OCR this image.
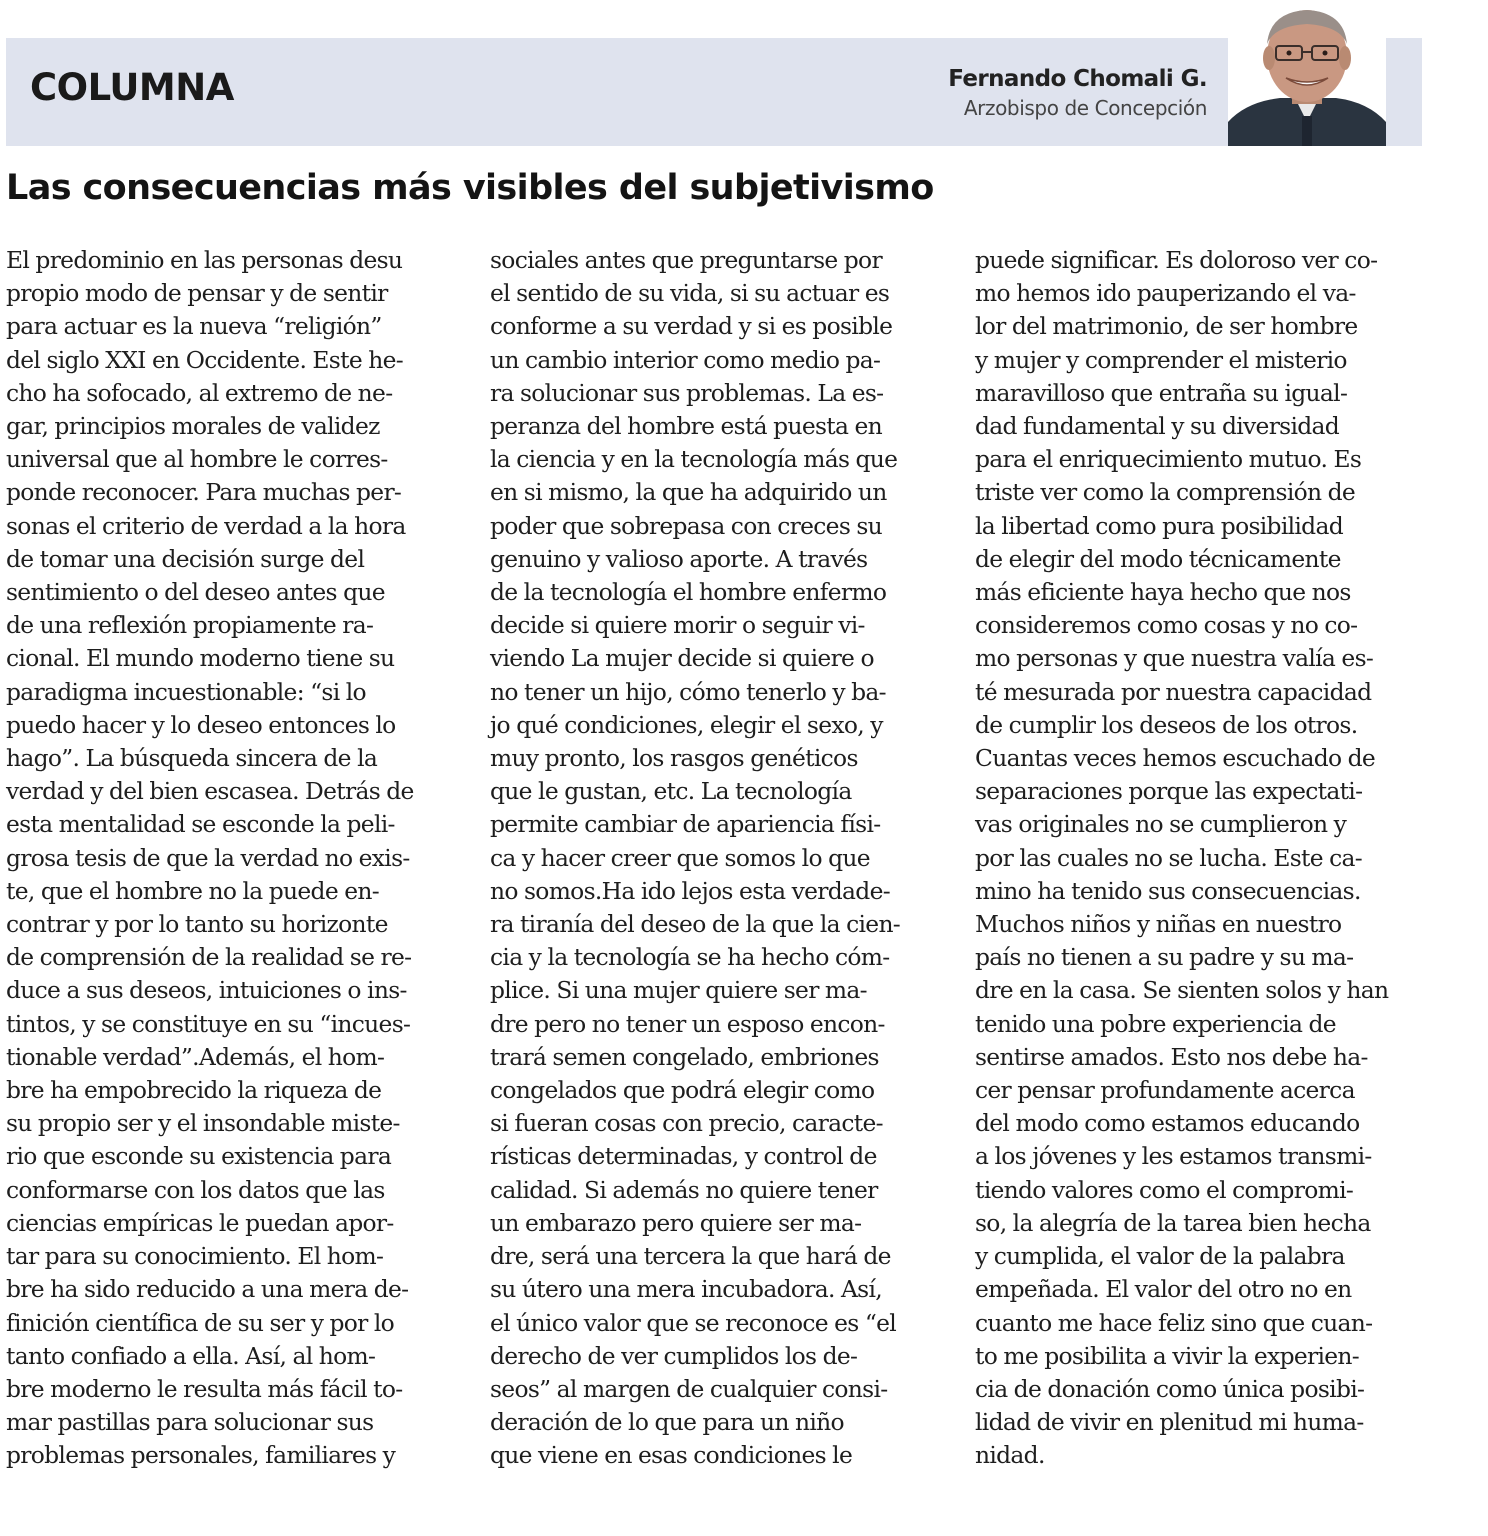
COLUMNA	Fernando Chomali G.
Arzobispo de Concepción
Las consecuencias más visibles del subjetivismo
El predominio en las personas desu
propio modo de pensar y de sentir
para actuar es la nueva “religión”
del siglo XXI en Occidente. Este he-
cho ha sofocado, al extremo de ne-
gar, principios morales de validez
universal que al hombre le corres-
ponde reconocer. Para muchas per-
sonas el criterio de verdad a la hora
de tomar una decisión surge del
sentimiento o del deseo antes que
de una reflexión propiamente ra-
cional. El mundo moderno tiene su
paradigma incuestionable: “si lo
puedo hacer y lo deseo entonces lo
hago”. La búsqueda sincera de la
verdad y del bien escasea. Detrás de
esta mentalidad se esconde la peli-
grosa tesis de que la verdad no exis-
te, que el hombre no la puede en-
contrar y por lo tanto su horizonte
de comprensión de la realidad se re-
duce a sus deseos, intuiciones o ins-
tintos, y se constituye en su “incues-
tionable verdad”.Además, el hom-
bre ha empobrecido la riqueza de
su propio ser y el insondable miste-
rio que esconde su existencia para
conformarse con los datos que las
ciencias empíricas le puedan apor-
tar para su conocimiento. El hom-
bre ha sido reducido a una mera de-
finición científica de su ser y por lo
tanto confiado a ella. Así, al hom-
bre moderno le resulta más fácil to-
mar pastillas para solucionar sus
problemas personales, familiares y
sociales antes que preguntarse por
el sentido de su vida, si su actuar es
conforme a su verdad y si es posible
un cambio interior como medio pa-
ra solucionar sus problemas. La es-
peranza del hombre está puesta en
la ciencia y en la tecnología más que
en si mismo, la que ha adquirido un
poder que sobrepasa con creces su
genuino y valioso aporte. A través
de la tecnología el hombre enfermo
decide si quiere morir o seguir vi-
viendo La mujer decide si quiere o
no tener un hijo, cómo tenerlo y ba-
jo qué condiciones, elegir el sexo, y
muy pronto, los rasgos genéticos
que le gustan, etc. La tecnología
permite cambiar de apariencia físi-
ca y hacer creer que somos lo que
no somos.Ha ido lejos esta verdade-
ra tiranía del deseo de la que la cien-
cia y la tecnología se ha hecho cóm-
plice. Si una mujer quiere ser ma-
dre pero no tener un esposo encon-
trará semen congelado, embriones
congelados que podrá elegir como
si fueran cosas con precio, caracte-
rísticas determinadas, y control de
calidad. Si además no quiere tener
un embarazo pero quiere ser ma-
dre, será una tercera la que hará de
su útero una mera incubadora. Así,
el único valor que se reconoce es “el
derecho de ver cumplidos los de-
seos” al margen de cualquier consi-
deración de lo que para un niño
que viene en esas condiciones le
puede significar. Es doloroso ver co-
mo hemos ido pauperizando el va-
lor del matrimonio, de ser hombre
y mujer y comprender el misterio
maravilloso que entraña su igual-
dad fundamental y su diversidad
para el enriquecimiento mutuo. Es
triste ver como la comprensión de
la libertad como pura posibilidad
de elegir del modo técnicamente
más eficiente haya hecho que nos
consideremos como cosas y no co-
mo personas y que nuestra valía es-
té mesurada por nuestra capacidad
de cumplir los deseos de los otros.
Cuantas veces hemos escuchado de
separaciones porque las expectati-
vas originales no se cumplieron y
por las cuales no se lucha. Este ca-
mino ha tenido sus consecuencias.
Muchos niños y niñas en nuestro
país no tienen a su padre y su ma-
dre en la casa. Se sienten solos y han
tenido una pobre experiencia de
sentirse amados. Esto nos debe ha-
cer pensar profundamente acerca
del modo como estamos educando
a los jóvenes y les estamos transmi-
tiendo valores como el compromi-
so, la alegría de la tarea bien hecha
y cumplida, el valor de la palabra
empeñada. El valor del otro no en
cuanto me hace feliz sino que cuan-
to me posibilita a vivir la experien-
cia de donación como única posibi-
lidad de vivir en plenitud mi huma-
nidad.
